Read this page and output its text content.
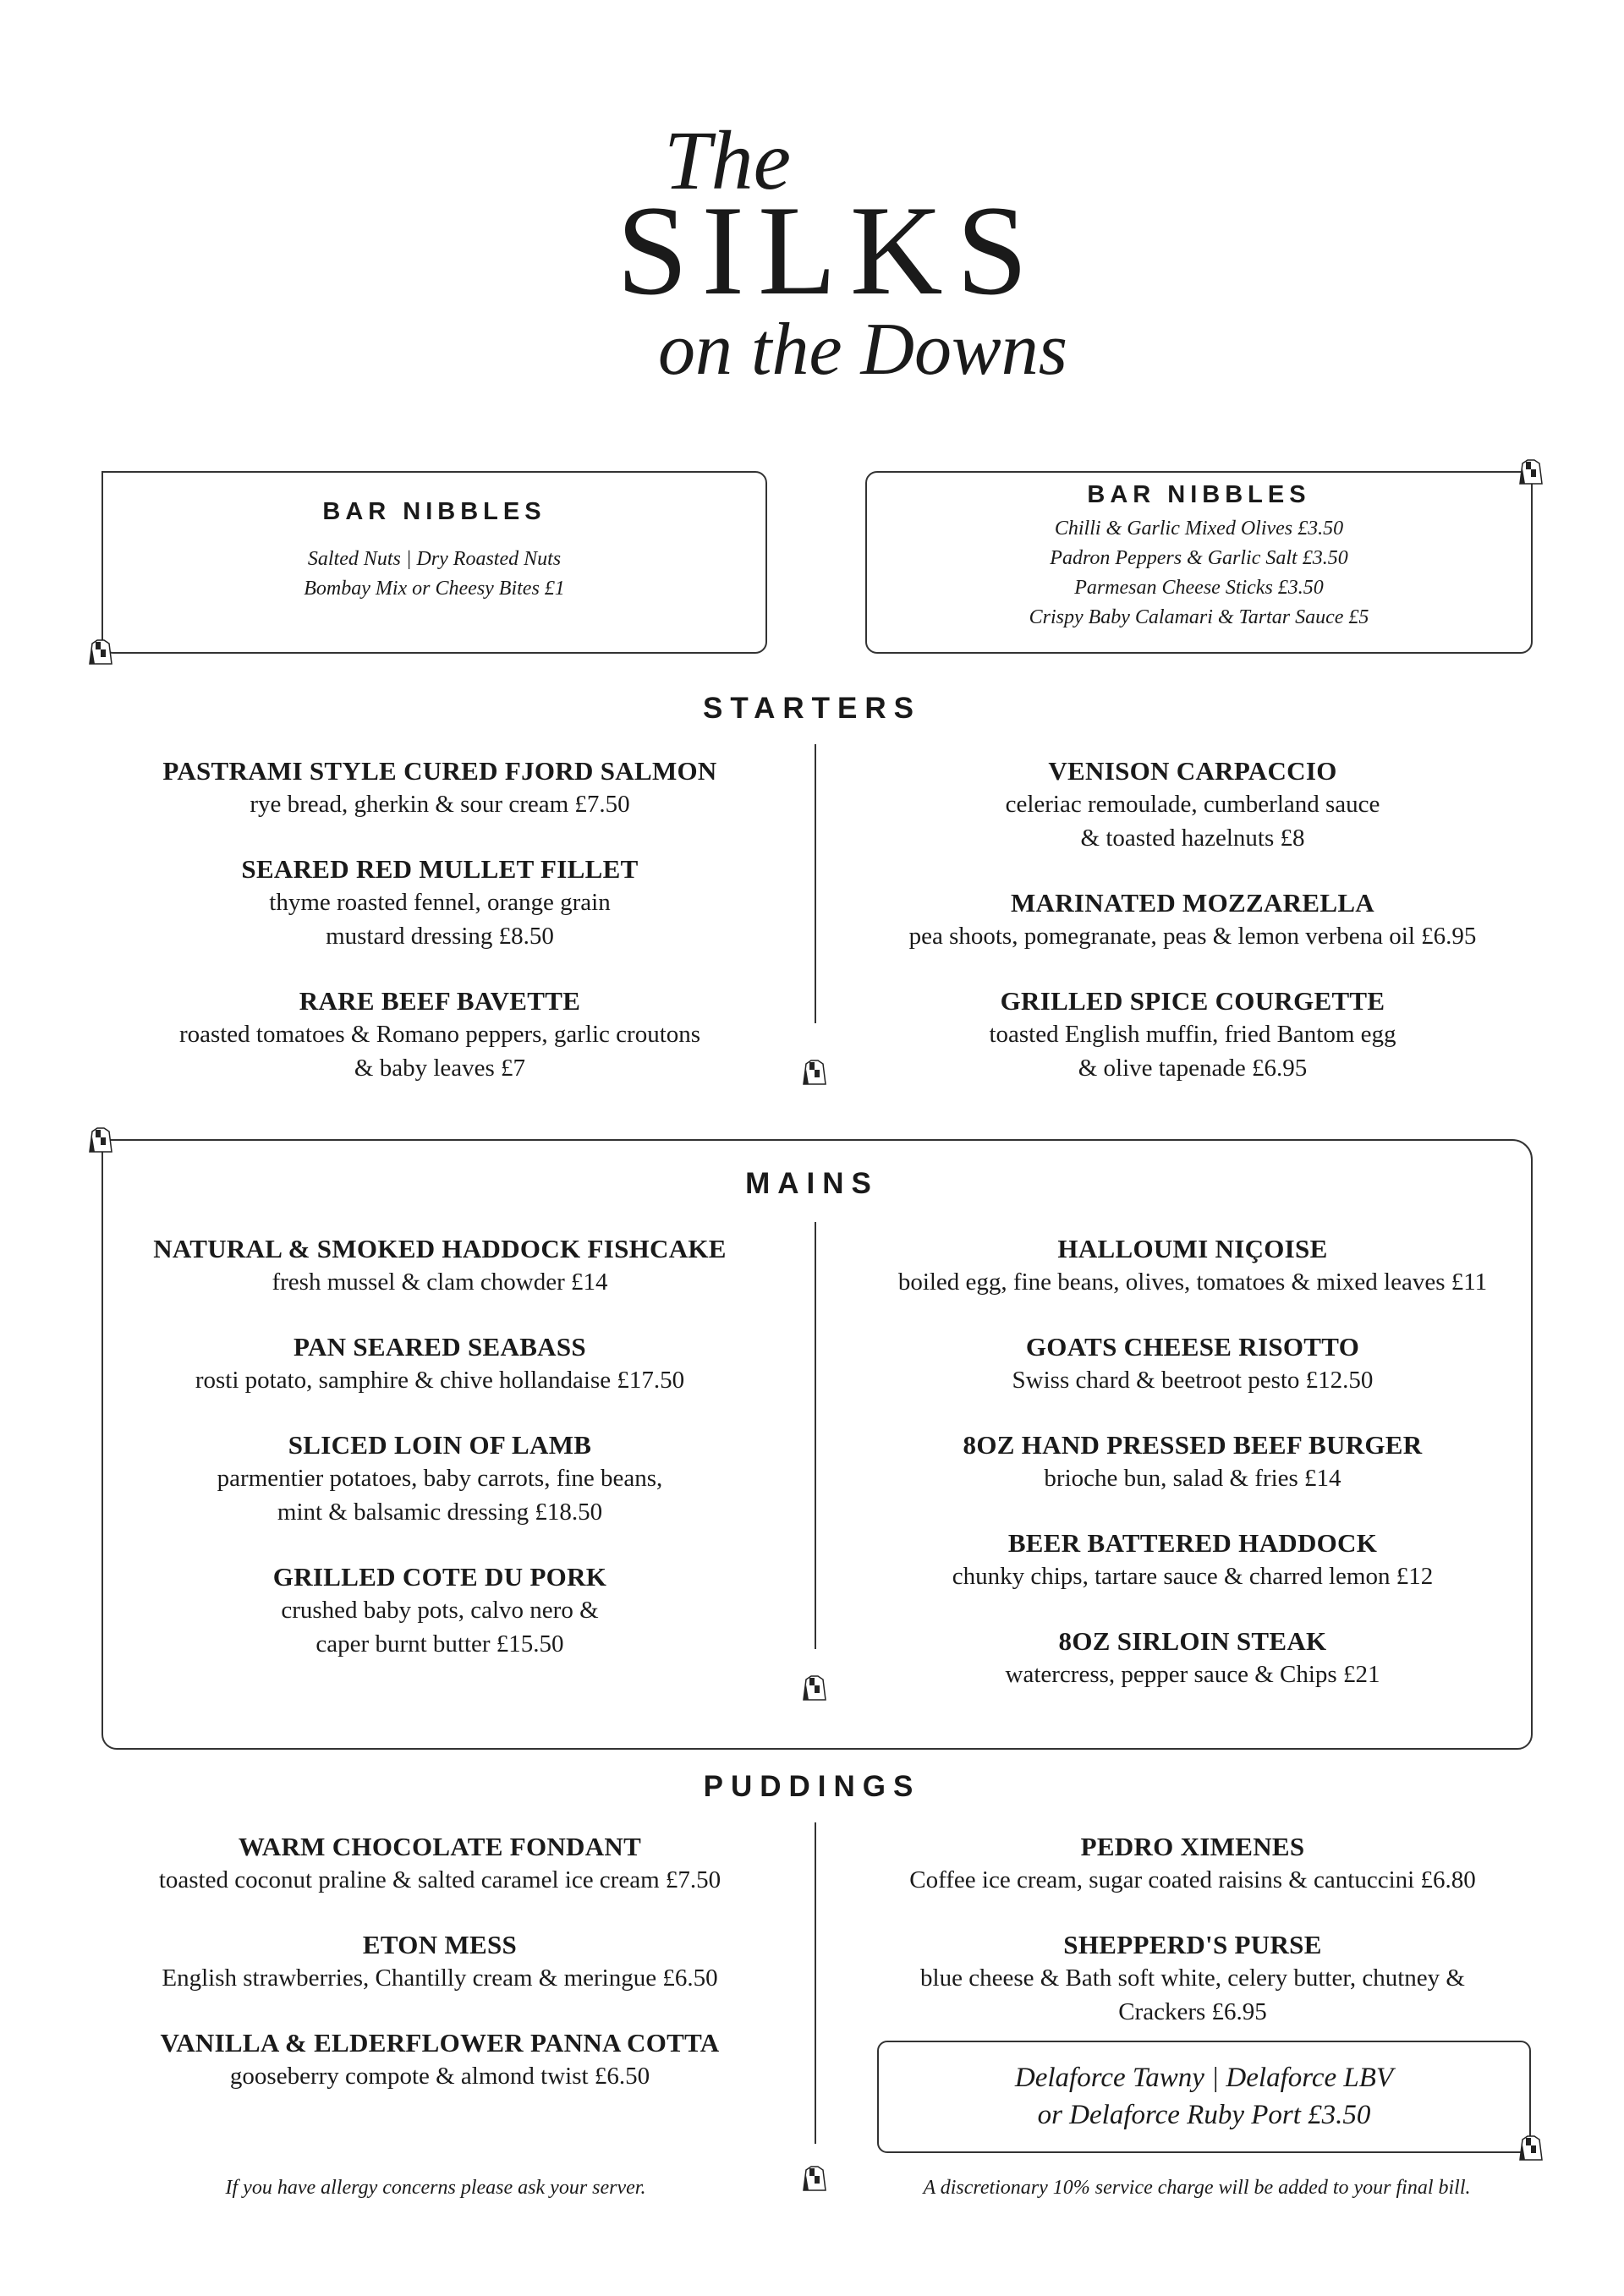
The
SILKS
on the Downs
BAR NIBBLES
Salted Nuts | Dry Roasted Nuts
Bombay Mix or Cheesy Bites £1
BAR NIBBLES
Chilli & Garlic Mixed Olives £3.50
Padron Peppers & Garlic Salt £3.50
Parmesan Cheese Sticks £3.50
Crispy Baby Calamari & Tartar Sauce £5
STARTERS
PASTRAMI STYLE CURED FJORD SALMON
rye bread, gherkin & sour cream £7.50
SEARED RED MULLET FILLET
thyme roasted fennel, orange grain
mustard dressing £8.50
RARE BEEF BAVETTE
roasted tomatoes & Romano peppers, garlic croutons
& baby leaves £7
VENISON CARPACCIO
celeriac remoulade, cumberland sauce
& toasted hazelnuts £8
MARINATED MOZZARELLA
pea shoots, pomegranate, peas & lemon verbena oil £6.95
GRILLED SPICE COURGETTE
toasted English muffin, fried Bantom egg
& olive tapenade £6.95
MAINS
NATURAL & SMOKED HADDOCK FISHCAKE
fresh mussel & clam chowder £14
PAN SEARED SEABASS
rosti potato, samphire & chive hollandaise £17.50
SLICED LOIN OF LAMB
parmentier potatoes, baby carrots, fine beans,
mint & balsamic dressing £18.50
GRILLED COTE DU PORK
crushed baby pots, calvo nero &
caper burnt butter £15.50
HALLOUMI NIÇOISE
boiled egg, fine beans, olives, tomatoes & mixed leaves £11
GOATS CHEESE RISOTTO
Swiss chard & beetroot pesto £12.50
8OZ HAND PRESSED BEEF BURGER
brioche bun, salad & fries £14
BEER BATTERED HADDOCK
chunky chips, tartare sauce & charred lemon £12
8OZ SIRLOIN STEAK
watercress, pepper sauce & Chips £21
PUDDINGS
WARM CHOCOLATE FONDANT
toasted coconut praline & salted caramel ice cream £7.50
ETON MESS
English strawberries, Chantilly cream & meringue £6.50
VANILLA & ELDERFLOWER PANNA COTTA
gooseberry compote & almond twist £6.50
PEDRO XIMENES
Coffee ice cream, sugar coated raisins & cantuccini £6.80
SHEPPERD'S PURSE
blue cheese & Bath soft white, celery butter, chutney &
Crackers £6.95
Delaforce Tawny | Delaforce LBV
or Delaforce Ruby Port £3.50
If you have allergy concerns please ask your server.	A discretionary 10% service charge will be added to your final bill.
